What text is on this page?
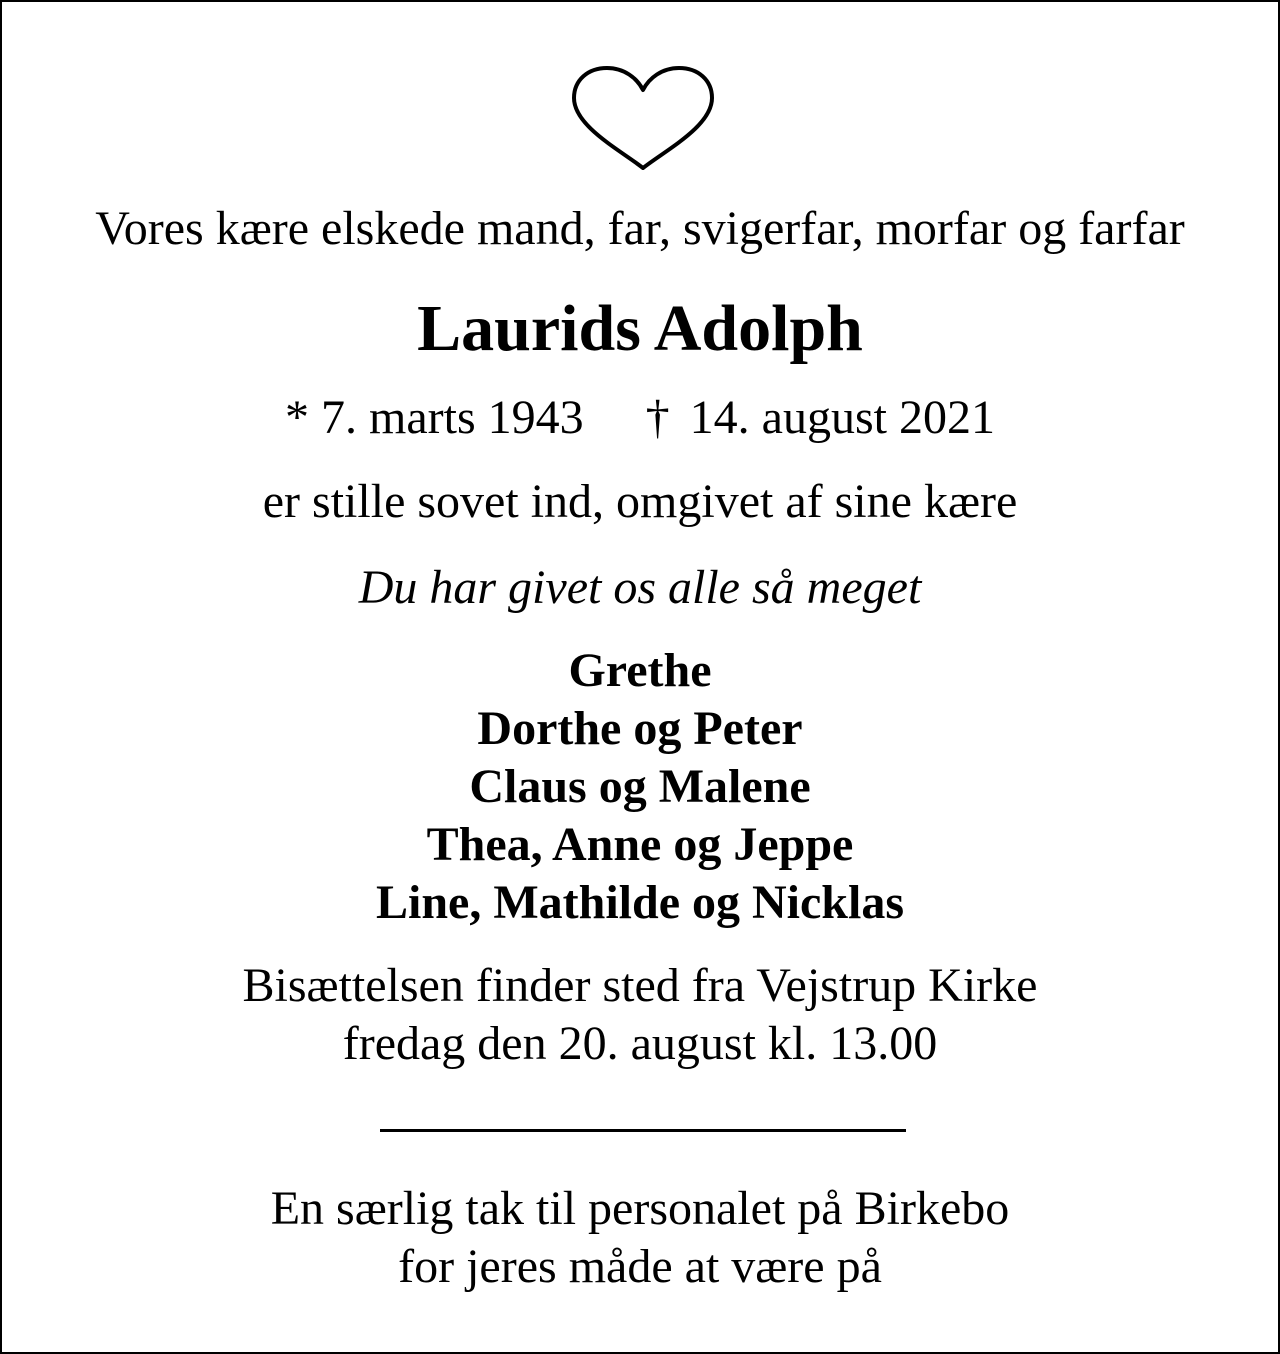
Vores kære elskede mand, far, svigerfar, morfar og farfar

Laurids Adolph

* 7. marts 1943 † 14. august 2021

er stille sovet ind, omgivet af sine kære

Du har givet os alle så meget

Grethe
Dorthe og Peter
Claus og Malene
Thea, Anne og Jeppe
Line, Mathilde og Nicklas
Bisættelsen finder sted fra Vejstrup Kirke
fredag den 20. august kl. 13.00
En særlig tak til personalet på Birkebo
for jeres måde at være på
